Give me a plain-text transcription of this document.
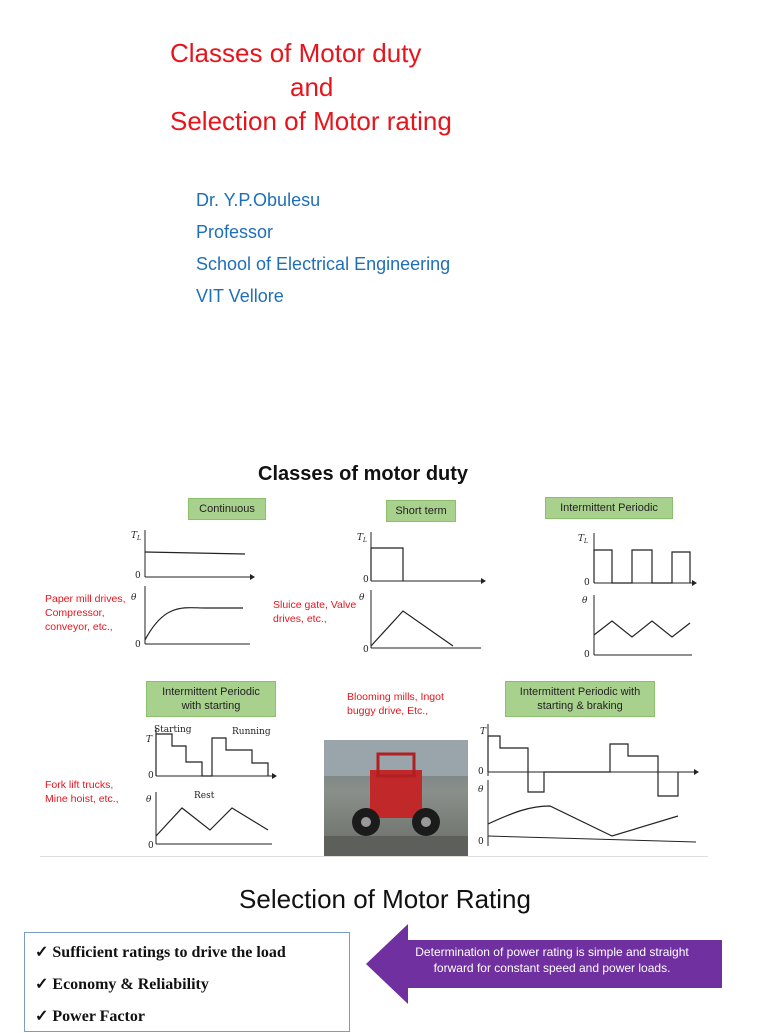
Classes of Motor duty
and
Selection of Motor rating
Dr. Y.P.Obulesu
Professor
School of Electrical Engineering
VIT Vellore
Classes of motor duty
Continuous	Short term	Intermittent Periodic
Intermittent Periodic with starting
Intermittent Periodic with starting & braking
Paper mill drives, Compressor, conveyor, etc.,
Sluice gate, Valve drives, etc.,
Fork lift trucks, Mine hoist, etc.,
Blooming mills, Ingot buggy drive, Etc.,
$T_L$
0
θ
0
$T_L$
0
θ
0
$T_L$
0
θ
0
T
0
Starting	Running
Rest
θ
0
T
0
θ
0
Selection of Motor Rating
✓ Sufficient ratings to drive the load
✓ Economy & Reliability
✓ Power Factor
Determination of power rating is simple and straight forward for constant speed and power loads.
